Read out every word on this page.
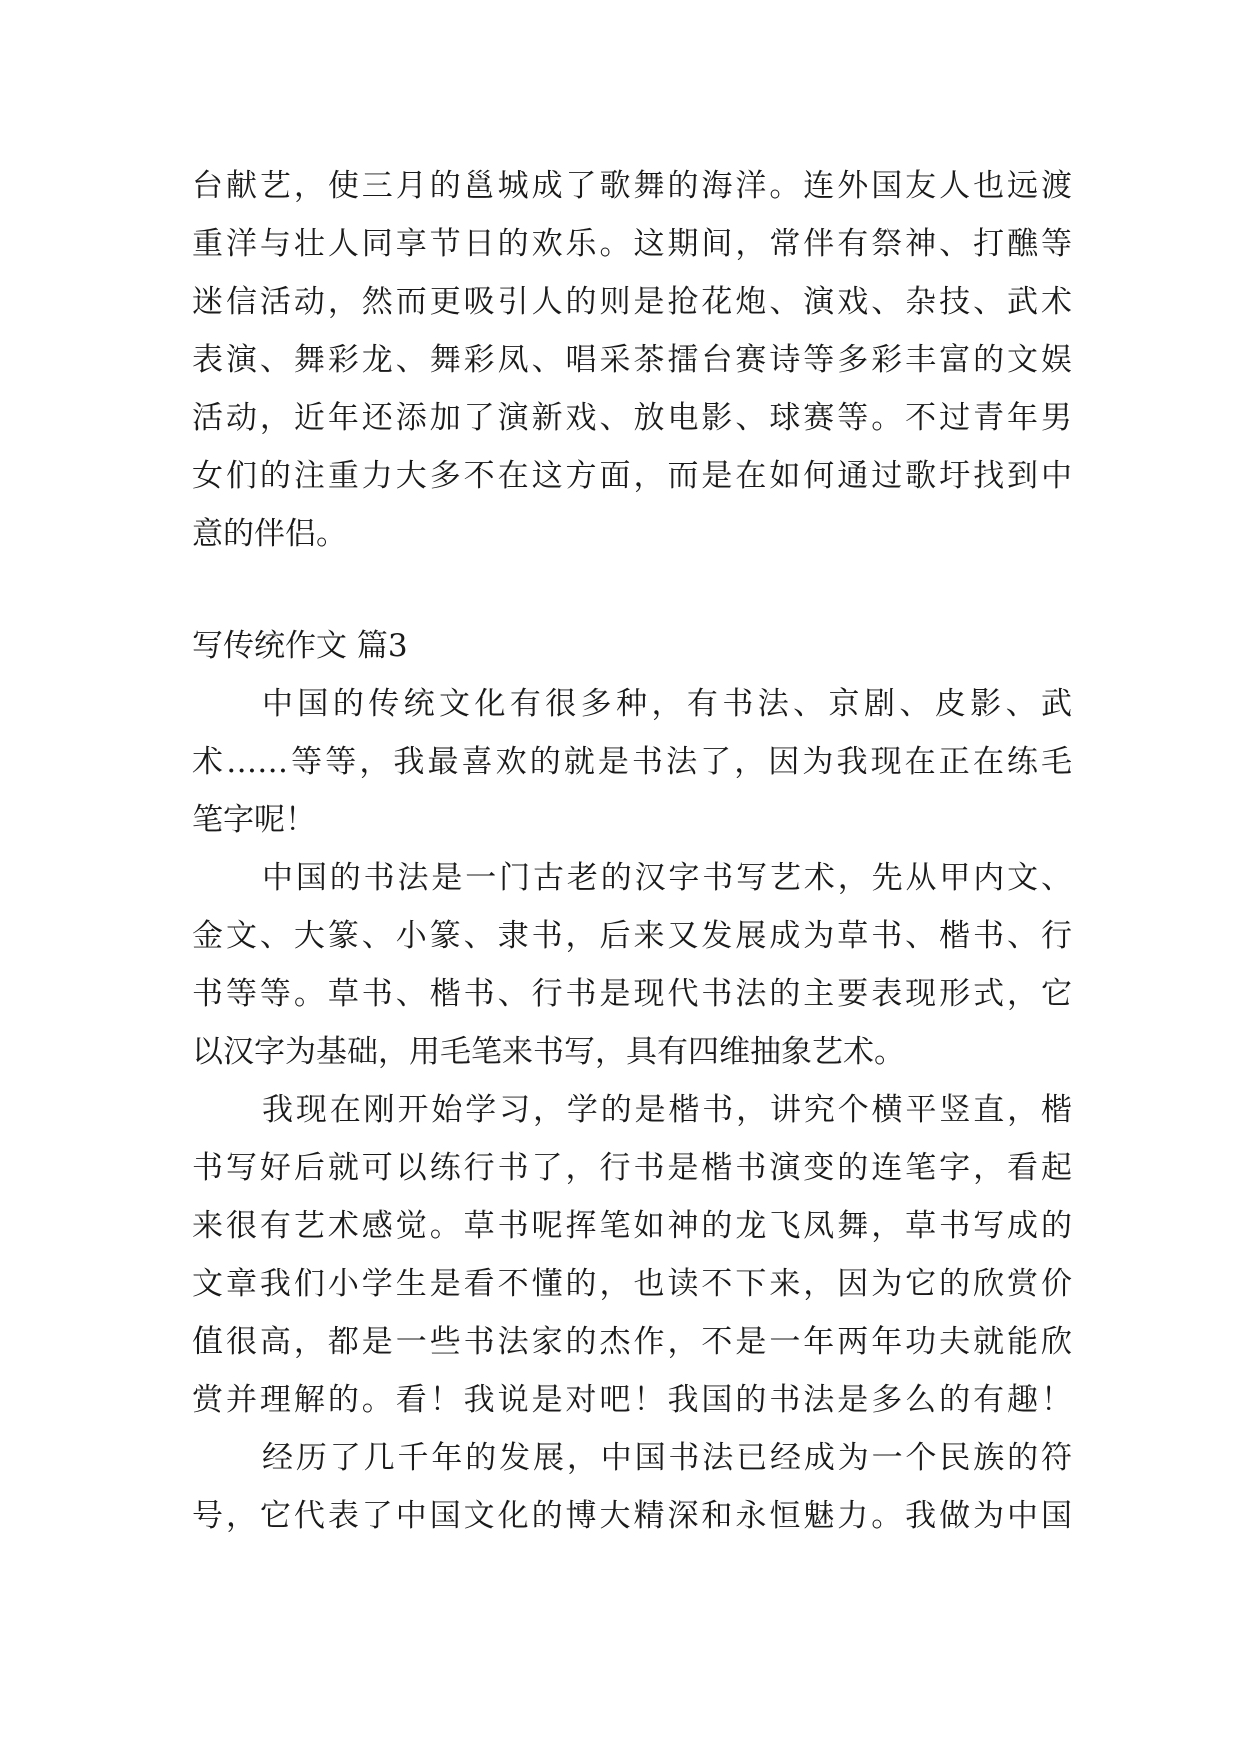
台献艺，使三月的邕城成了歌舞的海洋。连外国友人也远渡
重洋与壮人同享节日的欢乐。这期间，常伴有祭神、打醮等
迷信活动，然而更吸引人的则是抢花炮、演戏、杂技、武术
表演、舞彩龙、舞彩凤、唱采茶擂台赛诗等多彩丰富的文娱
活动，近年还添加了演新戏、放电影、球赛等。不过青年男
女们的注重力大多不在这方面，而是在如何通过歌圩找到中
意的伴侣。
写传统作文 篇3
中国的传统文化有很多种，有书法、京剧、皮影、武
术……等等，我最喜欢的就是书法了，因为我现在正在练毛
笔字呢！
中国的书法是一门古老的汉字书写艺术，先从甲内文、
金文、大篆、小篆、隶书，后来又发展成为草书、楷书、行
书等等。草书、楷书、行书是现代书法的主要表现形式，它
以汉字为基础，用毛笔来书写，具有四维抽象艺术。
我现在刚开始学习，学的是楷书，讲究个横平竖直，楷
书写好后就可以练行书了，行书是楷书演变的连笔字，看起
来很有艺术感觉。草书呢挥笔如神的龙飞凤舞，草书写成的
文章我们小学生是看不懂的，也读不下来，因为它的欣赏价
值很高，都是一些书法家的杰作，不是一年两年功夫就能欣
赏并理解的。看！我说是对吧！我国的书法是多么的有趣！
经历了几千年的发展，中国书法已经成为一个民族的符
号，它代表了中国文化的博大精深和永恒魅力。我做为中国
